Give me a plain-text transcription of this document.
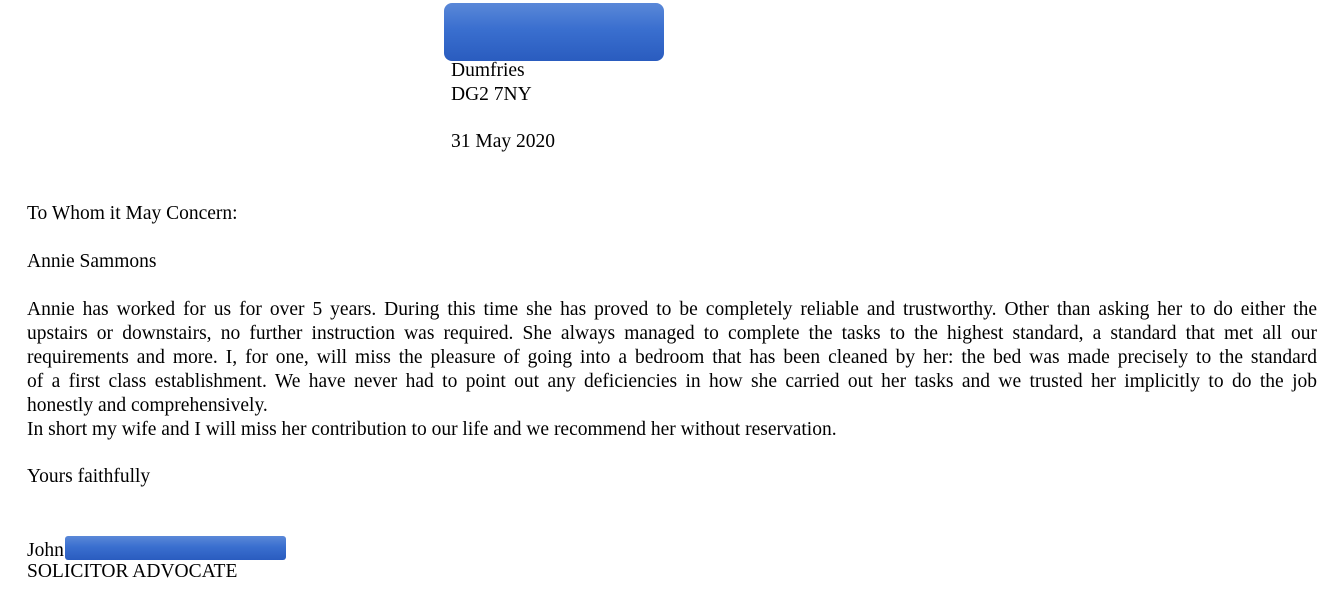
Dumfries

DG2 7NY

31 May 2020

To Whom it May Concern:

Annie Sammons

Annie has worked for us for over 5 years. During this time she has proved to be completely reliable and trustworthy. Other than asking her to do either the
upstairs or downstairs, no further instruction was required. She always managed to complete the tasks to the highest standard, a standard that met all our
requirements and more. I, for one, will miss the pleasure of going into a bedroom that has been cleaned by her: the bed was made precisely to the standard
of a first class establishment. We have never had to point out any deficiencies in how she carried out her tasks and we trusted her implicitly to do the job
honestly and comprehensively.
In short my wife and I will miss her contribution to our life and we recommend her without reservation.

Yours faithfully

John

SOLICITOR ADVOCATE
